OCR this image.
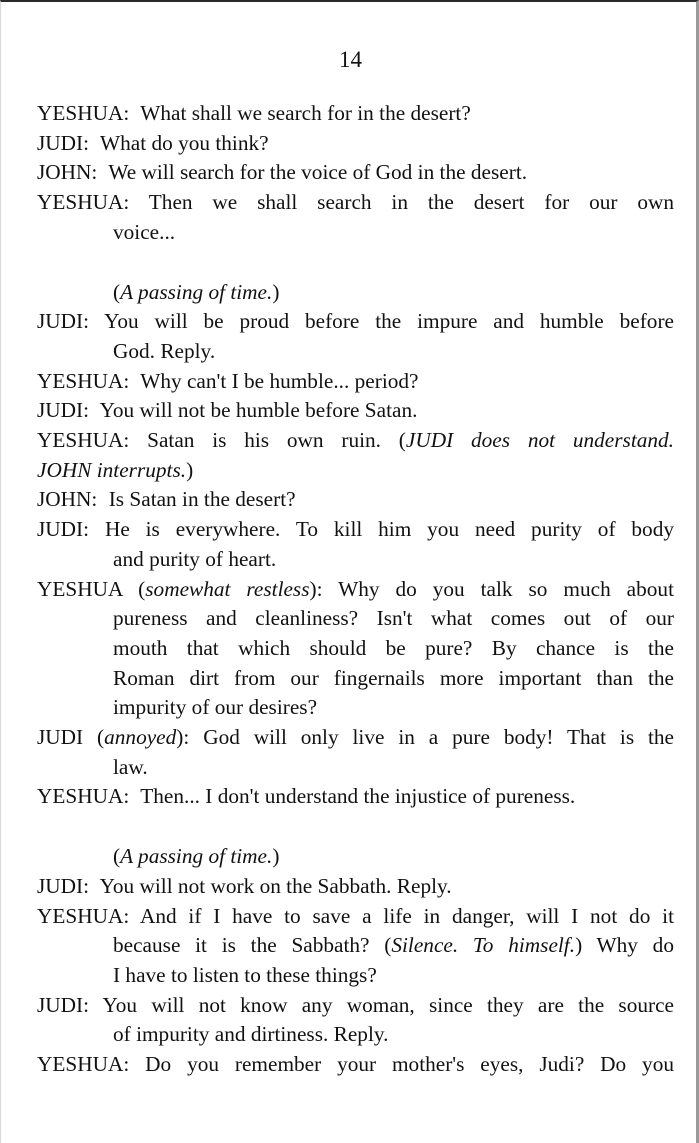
14
YESHUA: What shall we search for in the desert?
JUDI: What do you think?
JOHN: We will search for the voice of God in the desert.
YESHUA: Then we shall search in the desert for our own
voice...
(A passing of time.)
JUDI: You will be proud before the impure and humble before
God. Reply.
YESHUA: Why can't I be humble... period?
JUDI: You will not be humble before Satan.
YESHUA: Satan is his own ruin. (JUDI does not understand.
JOHN interrupts.)
JOHN: Is Satan in the desert?
JUDI: He is everywhere. To kill him you need purity of body
and purity of heart.
YESHUA (somewhat restless): Why do you talk so much about
pureness and cleanliness? Isn't what comes out of our
mouth that which should be pure? By chance is the
Roman dirt from our fingernails more important than the
impurity of our desires?
JUDI (annoyed): God will only live in a pure body! That is the
law.
YESHUA: Then... I don't understand the injustice of pureness.
(A passing of time.)
JUDI: You will not work on the Sabbath. Reply.
YESHUA: And if I have to save a life in danger, will I not do it
because it is the Sabbath? (Silence. To himself.) Why do
I have to listen to these things?
JUDI: You will not know any woman, since they are the source
of impurity and dirtiness. Reply.
YESHUA: Do you remember your mother's eyes, Judi? Do you
